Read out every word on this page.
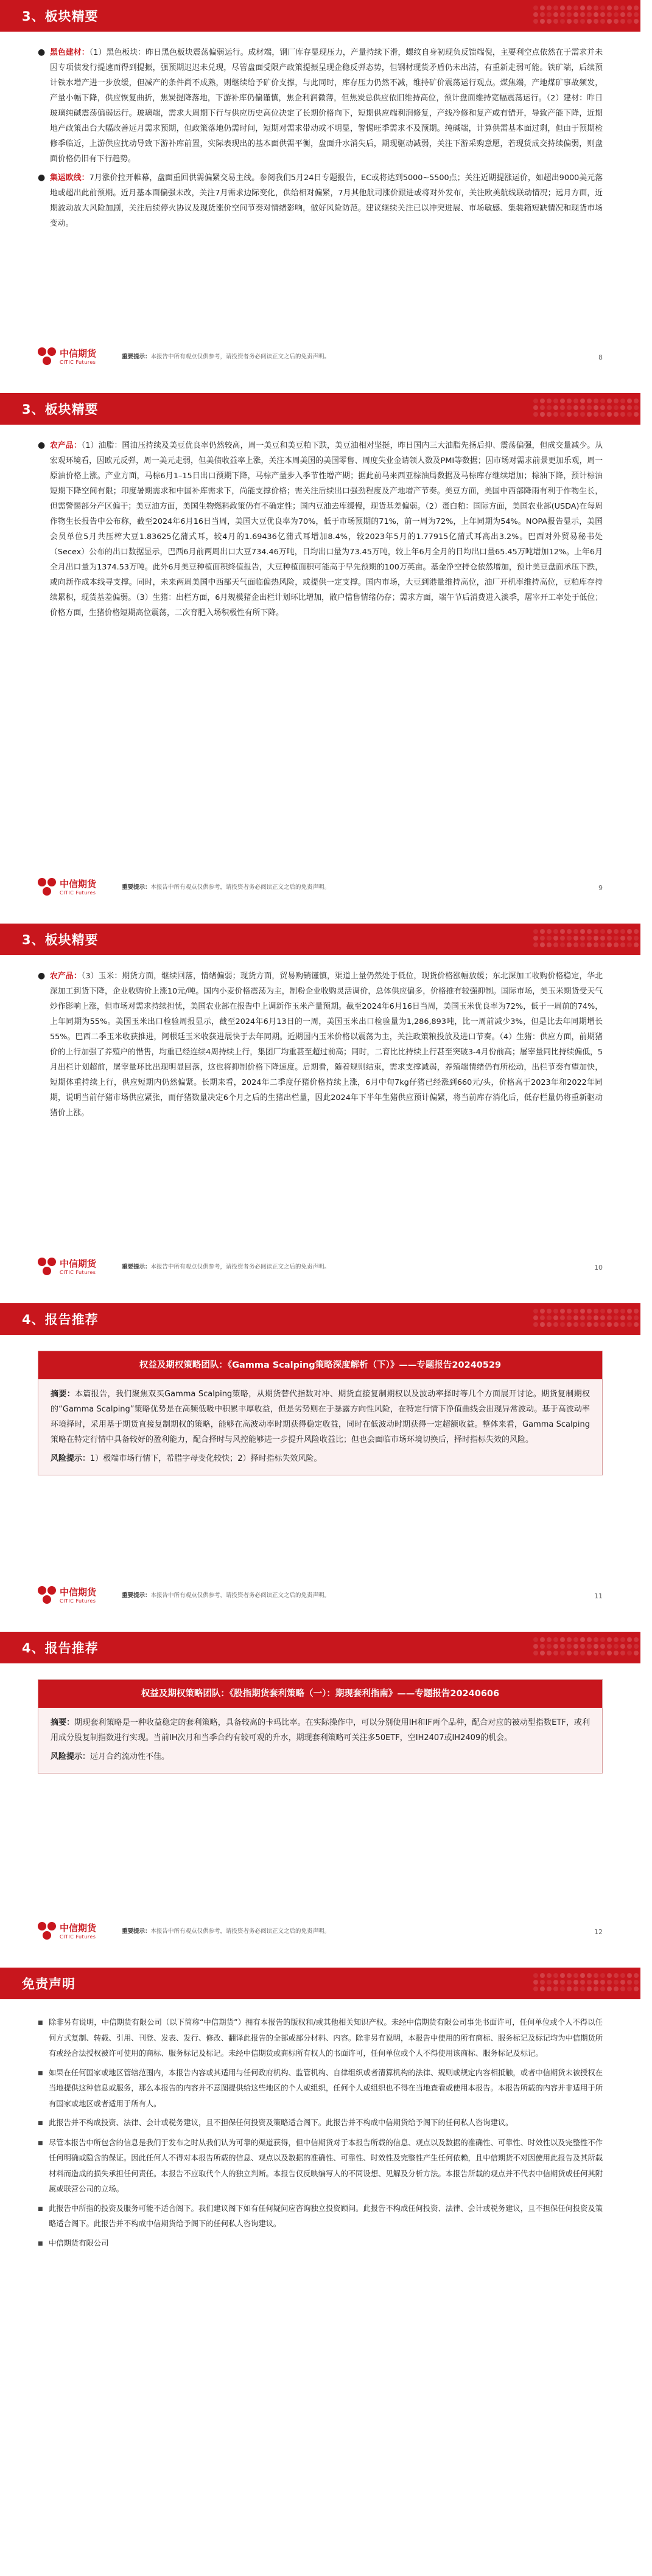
3、板块精要
● 黑色建材：（1）黑色板块：昨日黑色板块震荡偏弱运行。成材端，钢厂库存显现压力，产量持续下滑，螺纹自身初现负反馈端倪，主要利空点依然在于需求并未因专项债发行提速而得到提振，强预期迟迟未兑现，尽管盘面受限产政策提振呈现企稳反弹态势，但钢材现货矛盾仍未出清，有重新走弱可能。铁矿端，后续预计铁水增产进一步放缓，但减产的条件尚不成熟，则继续给予矿价支撑，与此同时，库存压力仍然不减，维持矿价震荡运行观点。煤焦端，产地煤矿事故频发，产量小幅下降，供应恢复曲折，焦炭提降落地，下游补库仍偏谨慎，焦企利润微薄，但焦炭总供应依旧维持高位，预计盘面维持宽幅震荡运行。（2）建材：昨日玻璃纯碱震荡偏弱运行。玻璃端，需求大周期下行与供应历史高位决定了长期价格向下，短期供应端利润修复，产线冷修和复产或有错开，导致产能下降，近期地产政策出台大幅改善远月需求预期，但政策落地仍需时间，短期对需求带动或不明显，警惕旺季需求不及预期。纯碱端，计算供需基本面过剩，但由于预期检修季临近，上游供应扰动导致下游补库前置，实际表现出的基本面供需平衡，盘面升水消失后，期现驱动减弱，关注下游采购意愿，若现货成交持续偏弱，则盘面价格仍旧有下行趋势。

● 集运欧线：7月涨价拉开帷幕，盘面重回供需偏紧交易主线。参阅我们5月24日专题报告，EC或将达到5000~5500点；关注近期提涨运价，如超出9000美元落地或超出此前预期。近月基本面偏强未改，关注7月需求边际变化，供给相对偏紧，7月其他航司涨价跟进或将对外发布，关注欧美航线联动情况；远月方面，近期波动放大风险加剧，关注后续停火协议及现货涨价空间节奏对情绪影响，做好风险防范。建议继续关注已以冲突进展、市场敏感、集装箱短缺情况和现货市场变动。

中信期货
CITIC Futures
重要提示：本报告中所有观点仅供参考，请投资者务必阅读正文之后的免责声明。	8
3、板块精要
● 农产品：（1）油脂：国油压持续及美豆优良率仍然较高，周一美豆和美豆粕下跌，美豆油相对坚挺，昨日国内三大油脂先扬后抑、震荡偏强，但成交量减少。从宏观环境看，因欧元反弹，周一美元走弱，但美债收益率上涨，关注本周美国的美国零售、周度失业金请领人数及PMI等数据；因市场对需求前景更加乐观，周一原油价格上涨。产业方面，马棕6月1–15日出口预期下降，马棕产量步入季节性增产期；据此前马来西亚棕油局数据及马棕库存继续增加；棕油下降，预计棕油短期下降空间有限；印度暑期需求和中国补库需求下，尚能支撑价格；需关注后续出口强劲程度及产地增产节奏。美豆方面，美国中西部降雨有利于作物生长，但需警惕部分产区偏干；美豆油方面，美国生物燃料政策仍有不确定性；国内豆油去库缓慢，现货基差偏弱。（2）蛋白粕：国际方面，美国农业部(USDA)在每周作物生长报告中公布称，截至2024年6月16日当周，美国大豆优良率为70%，低于市场预期的71%，前一周为72%，上年同期为54%。NOPA报告显示，美国会员单位5月共压榨大豆1.83625亿蒲式耳，较4月的1.69436亿蒲式耳增加8.4%，较2023年5月的1.77915亿蒲式耳高出3.2%。巴西对外贸易秘书处（Secex）公布的出口数据显示，巴西6月前两周出口大豆734.46万吨，日均出口量为73.45万吨，较上年6月全月的日均出口量65.45万吨增加12%。上年6月全月出口量为1374.53万吨。此外6月美豆种植面积终值报告，大豆种植面积可能高于早先预期的100万英亩。基金净空持仓依然增加，预计美豆盘面承压下跌，或向新作成本线寻支撑。同时，未来两周美国中西部天气面临偏热风险，或提供一定支撑。国内市场，大豆到港量维持高位，油厂开机率维持高位，豆粕库存持续累积，现货基差偏弱。（3）生猪：出栏方面，6月规模猪企出栏计划环比增加，散户惜售情绪仍存；需求方面，端午节后消费进入淡季，屠宰开工率处于低位；价格方面，生猪价格短期高位震荡，二次育肥入场积极性有所下降。

中信期货
CITIC Futures
重要提示：本报告中所有观点仅供参考，请投资者务必阅读正文之后的免责声明。	9
3、板块精要
● 农产品：（3）玉米：期货方面，继续回落，情绪偏弱；现货方面，贸易购销谨慎，渠道上量仍然处于低位，现货价格涨幅放缓；东北深加工收购价格稳定，华北深加工到货下降，企业收购价上涨10元/吨。国内小麦价格震荡为主，制粉企业收购灵活调价，总体供应偏多，价格推有较强抑制。国际市场，美玉米期货受天气炒作影响上涨，但市场对需求持续担忧，美国农业部在报告中上调新作玉米产量预期。截至2024年6月16日当周，美国玉米优良率为72%，低于一周前的74%，上年同期为55%。美国玉米出口检验周报显示，截至2024年6月13日的一周，美国玉米出口检验量为1,286,893吨，比一周前减少3%，但是比去年同期增长55%。巴西二季玉米收获推进，阿根廷玉米收获进展快于去年同期。近期国内玉米价格以震荡为主，关注政策粮投放及进口节奏。（4）生猪：供应方面，前期猪价的上行加强了养殖户的惜售，均重已经连续4周持续上行，集团厂均重甚至超过前高；同时，二育比比持续上行甚至突破3-4月份前高；屠宰量同比持续偏低，5月出栏计划超前，屠宰量环比出现明显回落，这也将抑制价格下降速度。后期看，随着规则结束，需求支撑减弱，养殖端情绪仍有所松动，出栏节奏有望加快，短期体重持续上行，供应短期内仍然偏紧。长期来看，2024年二季度仔猪价格持续上涨，6月中旬7kg仔猪已经涨到660元/头，价格高于2023年和2022年同期，说明当前仔猪市场供应紧张，而仔猪数量决定6个月之后的生猪出栏量，因此2024年下半年生猪供应预计偏紧，将当前库存消化后，低存栏量仍将重新驱动猪价上涨。

中信期货
CITIC Futures
重要提示：本报告中所有观点仅供参考，请投资者务必阅读正文之后的免责声明。	10
4、报告推荐
权益及期权策略团队：《Gamma Scalping策略深度解析（下）》——专题报告20240529

摘要：本篇报告，我们聚焦双买Gamma Scalping策略，从期货替代指数对冲、期货直接复制期权以及波动率择时等几个方面展开讨论。期货复制期权的“Gamma Scalping”策略优势是在高频低吸中积累丰厚收益，但是劣势则在于暴露方向性风险，在特定行情下净值曲线会出现异常波动。基于高波动率环境择时，采用基于期货直接复制期权的策略，能够在高波动率时期获得稳定收益，同时在低波动时期获得一定超额收益。整体来看，Gamma Scalping策略在特定行情中具备较好的盈利能力，配合择时与风控能够进一步提升风险收益比；但也会面临市场环境切换后，择时指标失效的风险。

风险提示：1）极端市场行情下，希腊字母变化较快；2）择时指标失效风险。

中信期货
CITIC Futures
重要提示：本报告中所有观点仅供参考，请投资者务必阅读正文之后的免责声明。	11
4、报告推荐
权益及期权策略团队：《股指期货套利策略（一）：期现套利指南》——专题报告20240606

摘要：期现套利策略是一种收益稳定的套利策略，具备较高的卡玛比率。在实际操作中，可以分别使用IH和IF两个品种，配合对应的被动型指数ETF，或利用成分股复制指数进行实现。当前IH次月和当季合约有较可观的升水，期现套利策略可关注多50ETF，空IH2407或IH2409的机会。

风险提示：远月合约流动性不佳。

中信期货
CITIC Futures
重要提示：本报告中所有观点仅供参考，请投资者务必阅读正文之后的免责声明。	12
免责声明
■ 除非另有说明，中信期货有限公司（以下简称“中信期货”）拥有本报告的版权和/或其他相关知识产权。未经中信期货有限公司事先书面许可，任何单位或个人不得以任何方式复制、转载、引用、刊登、发表、发行、修改、翻译此报告的全部或部分材料、内容。除非另有说明，本报告中使用的所有商标、服务标记及标记均为中信期货所有或经合法授权被许可使用的商标、服务标记及标记。未经中信期货或商标所有权人的书面许可，任何单位或个人不得使用该商标、服务标记及标记。

■ 如果在任何国家或地区管辖范围内，本报告内容或其适用与任何政府机构、监管机构、自律组织或者清算机构的法律、规则或规定内容相抵触，或者中信期货未被授权在当地提供这种信息或服务，那么本报告的内容并不意图提供给这些地区的个人或组织，任何个人或组织也不得在当地查看或使用本报告。本报告所载的内容并非适用于所有国家或地区或者适用于所有人。

■ 此报告并不构成投资、法律、会计或税务建议，且不担保任何投资及策略适合阁下。此报告并不构成中信期货给予阁下的任何私人咨询建议。

■ 尽管本报告中所包含的信息是我们于发布之时从我们认为可靠的渠道获得，但中信期货对于本报告所载的信息、观点以及数据的准确性、可靠性、时效性以及完整性不作任何明确或隐含的保证。因此任何人不得对本报告所载的信息、观点以及数据的准确性、可靠性、时效性及完整性产生任何依赖，且中信期货不对因使用此报告及其所载材料而造成的损失承担任何责任。本报告不应取代个人的独立判断。本报告仅反映编写人的不同设想、见解及分析方法。本报告所载的观点并不代表中信期货或任何其附属或联营公司的立场。

■ 此报告中所指的投资及服务可能不适合阁下。我们建议阁下如有任何疑问应咨询独立投资顾问。此报告不构成任何投资、法律、会计或税务建议，且不担保任何投资及策略适合阁下。此报告并不构成中信期货给予阁下的任何私人咨询建议。

■ 中信期货有限公司
